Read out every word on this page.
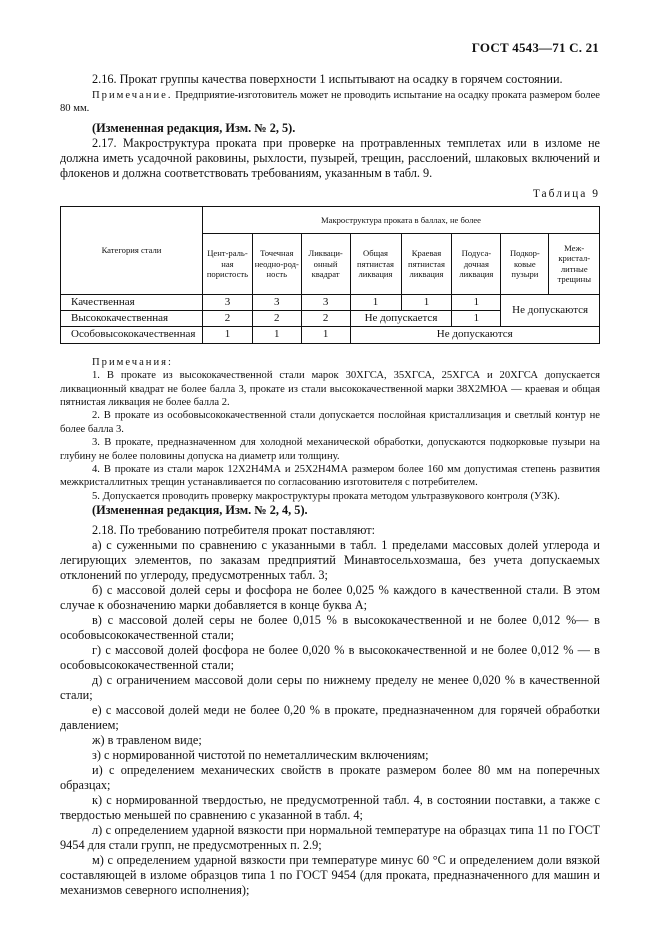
ГОСТ 4543—71 С. 21

2.16. Прокат группы качества поверхности 1 испытывают на осадку в горячем состоянии.

Примечание. Предприятие-изготовитель может не проводить испытание на осадку проката размером более 80 мм.

(Измененная редакция, Изм. № 2, 5).

2.17. Макроструктура проката при проверке на протравленных темплетах или в изломе не должна иметь усадочной раковины, рыхлости, пузырей, трещин, расслоений, шлаковых включений и флокенов и должна соответствовать требованиям, указанным в табл. 9.

Таблица 9
Категория стали	Макроструктура проката в баллах, не более							
	Цент-раль-ная пористость	Точечная неодно-род-ность	Ликваци-онный квадрат	Общая пятнистая ликвация	Краевая пятнистая ликвация	Подуса-дочная ликвация	Подкор-ковые пузыри	Меж-кристал-литные трещины
Качественная	3	3	3	1	1	1	Не допускаются	
Высококачественная	2	2	2	Не допускается		1		
Особовысококачественная	1	1	1	Не допускаются				

Примечания:

1. В прокате из высококачественной стали марок 30ХГСА, 35ХГСА, 25ХГСА и 20ХГСА допускается ликвационный квадрат не более балла 3, прокате из стали высококачественной марки 38Х2МЮА — краевая и общая пятнистая ликвация не более балла 2.

2. В прокате из особовысококачественной стали допускается послойная кристаллизация и светлый контур не более балла 3.

3. В прокате, предназначенном для холодной механической обработки, допускаются подкорковые пузыри на глубину не более половины допуска на диаметр или толщину.

4. В прокате из стали марок 12Х2Н4МА и 25Х2Н4МА размером более 160 мм допустимая степень развития межкристаллитных трещин устанавливается по согласованию изготовителя с потребителем.

5. Допускается проводить проверку макроструктуры проката методом ультразвукового контроля (УЗК).

(Измененная редакция, Изм. № 2, 4, 5).

2.18. По требованию потребителя прокат поставляют:

а) с суженными по сравнению с указанными в табл. 1 пределами массовых долей углерода и легирующих элементов, по заказам предприятий Минавтосельхозмаша, без учета допускаемых отклонений по углероду, предусмотренных табл. 3;

б) с массовой долей серы и фосфора не более 0,025 % каждого в качественной стали. В этом случае к обозначению марки добавляется в конце буква А;

в) с массовой долей серы не более 0,015 % в высококачественной и не более 0,012 %— в особовысококачественной стали;

г) с массовой долей фосфора не более 0,020 % в высококачественной и не более 0,012 % — в особовысококачественной стали;

д) с ограничением массовой доли серы по нижнему пределу не менее 0,020 % в качественной стали;

е) с массовой долей меди не более 0,20 % в прокате, предназначенном для горячей обработки давлением;

ж) в травленом виде;

з) с нормированной чистотой по неметаллическим включениям;

и) с определением механических свойств в прокате размером более 80 мм на поперечных образцах;

к) с нормированной твердостью, не предусмотренной табл. 4, в состоянии поставки, а также с твердостью меньшей по сравнению с указанной в табл. 4;

л) с определением ударной вязкости при нормальной температуре на образцах типа 11 по ГОСТ 9454 для стали групп, не предусмотренных п. 2.9;

м) с определением ударной вязкости при температуре минус 60 °С и определением доли вязкой составляющей в изломе образцов типа 1 по ГОСТ 9454 (для проката, предназначенного для машин и механизмов северного исполнения);
